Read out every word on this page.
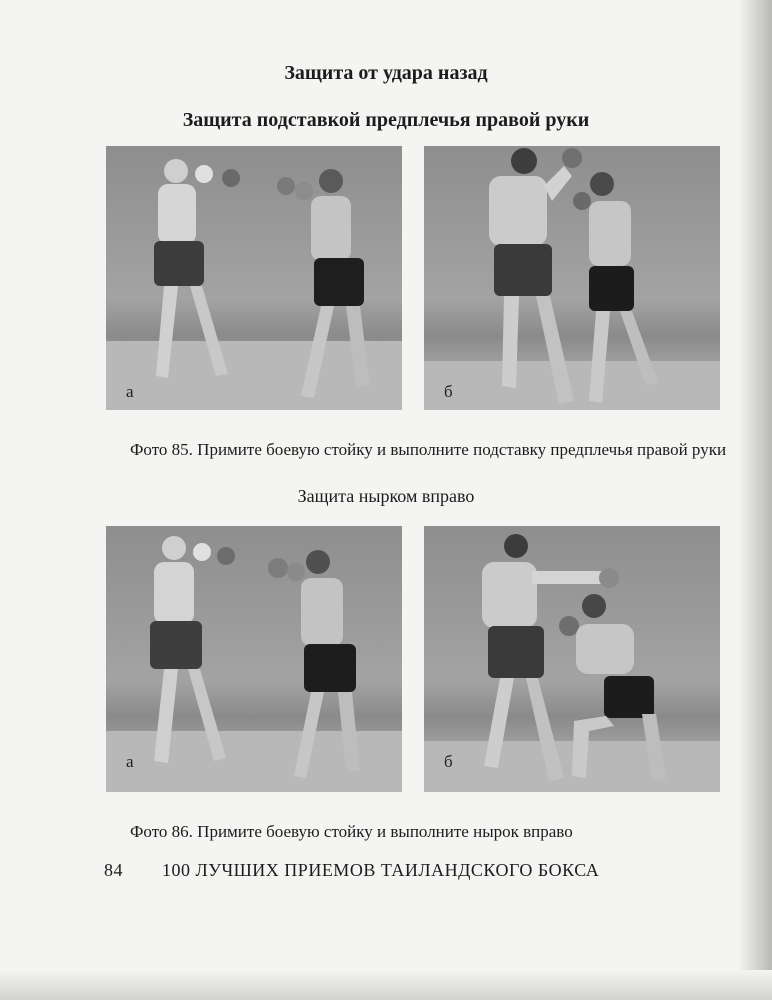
Защита от удара назад
Защита подставкой предплечья правой руки
а	б
Фото 85. Примите боевую стойку и выполните подставку предплечья правой руки
Защита нырком вправо
а	б
Фото 86. Примите боевую стойку и выполните нырок вправо
84 100 ЛУЧШИХ ПРИЕМОВ ТАИЛАНДСКОГО БОКСА
